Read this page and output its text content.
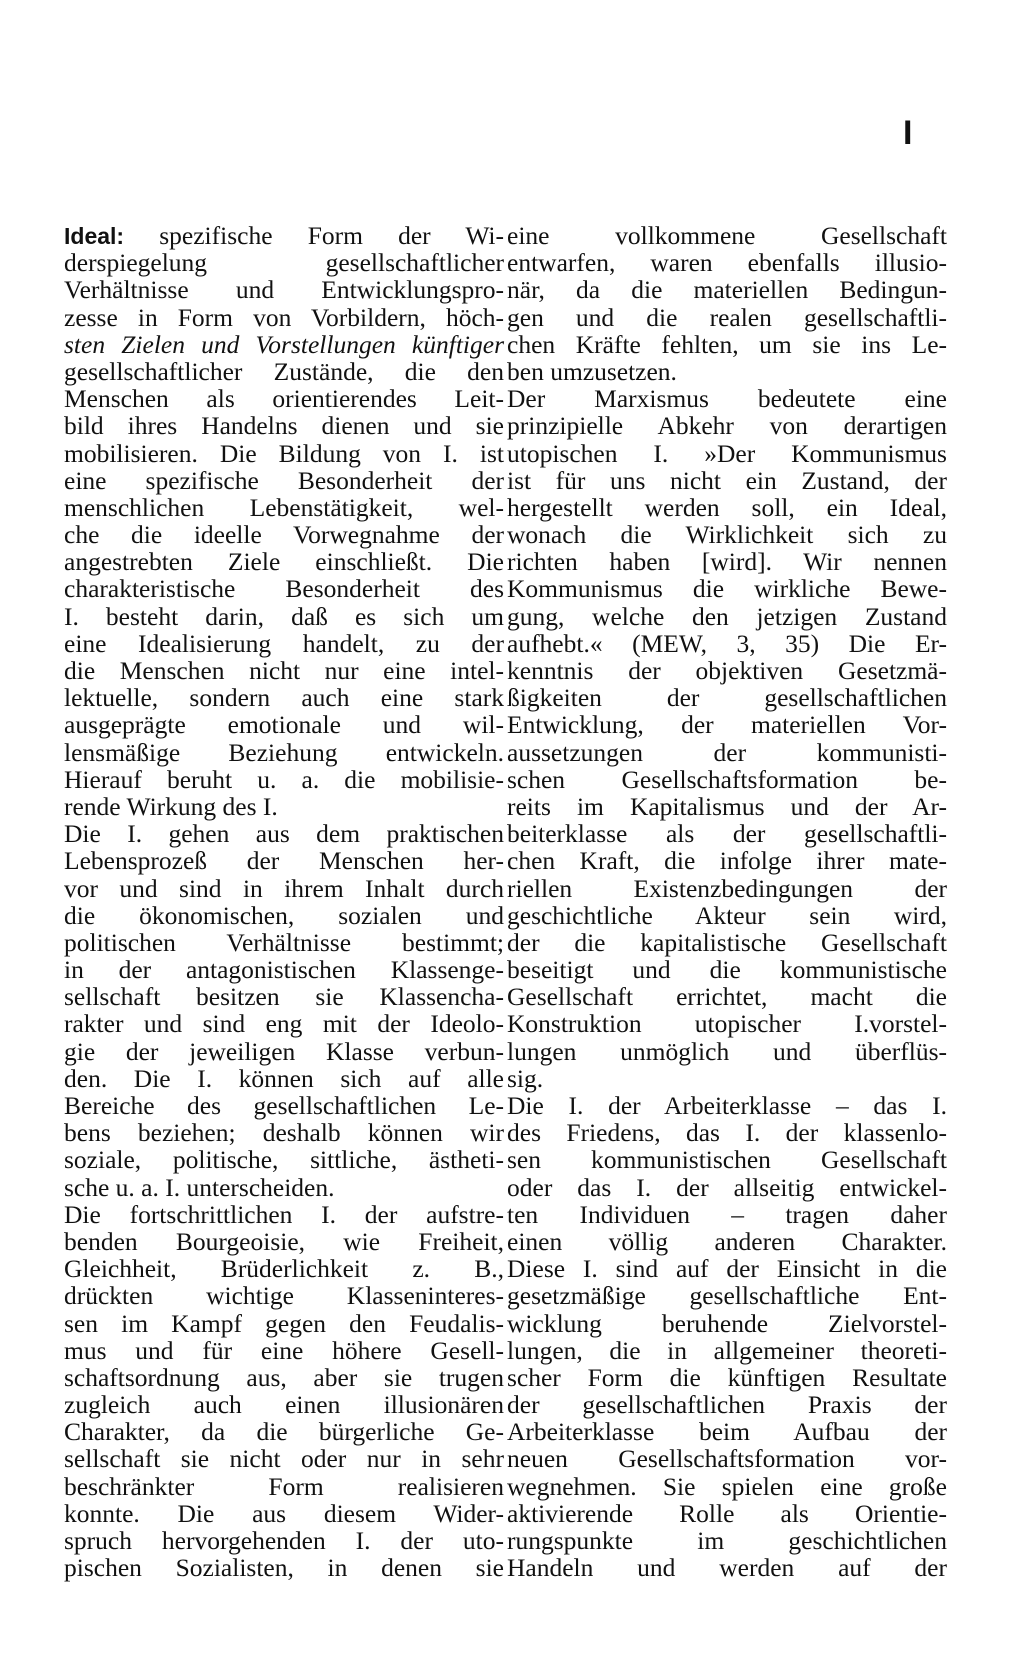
I
Ideal: spezifische Form der Wi-
derspiegelung gesellschaftlicher
Verhältnisse und Entwicklungspro-
zesse in Form von Vorbildern, höch-
sten Zielen und Vorstellungen künftiger
gesellschaftlicher Zustände, die den
Menschen als orientierendes Leit-
bild ihres Handelns dienen und sie
mobilisieren. Die Bildung von I. ist
eine spezifische Besonderheit der
menschlichen Lebenstätigkeit, wel-
che die ideelle Vorwegnahme der
angestrebten Ziele einschließt. Die
charakteristische Besonderheit des
I. besteht darin, daß es sich um
eine Idealisierung handelt, zu der
die Menschen nicht nur eine intel-
lektuelle, sondern auch eine stark
ausgeprägte emotionale und wil-
lensmäßige Beziehung entwickeln.
Hierauf beruht u. a. die mobilisie-
rende Wirkung des I.
Die I. gehen aus dem praktischen
Lebensprozeß der Menschen her-
vor und sind in ihrem Inhalt durch
die ökonomischen, sozialen und
politischen Verhältnisse bestimmt;
in der antagonistischen Klassenge-
sellschaft besitzen sie Klassencha-
rakter und sind eng mit der Ideolo-
gie der jeweiligen Klasse verbun-
den. Die I. können sich auf alle
Bereiche des gesellschaftlichen Le-
bens beziehen; deshalb können wir
soziale, politische, sittliche, ästheti-
sche u. a. I. unterscheiden.
Die fortschrittlichen I. der aufstre-
benden Bourgeoisie, wie Freiheit,
Gleichheit, Brüderlichkeit z. B.,
drückten wichtige Klasseninteres-
sen im Kampf gegen den Feudalis-
mus und für eine höhere Gesell-
schaftsordnung aus, aber sie trugen
zugleich auch einen illusionären
Charakter, da die bürgerliche Ge-
sellschaft sie nicht oder nur in sehr
beschränkter Form realisieren
konnte. Die aus diesem Wider-
spruch hervorgehenden I. der uto-
pischen Sozialisten, in denen sie
eine vollkommene Gesellschaft
entwarfen, waren ebenfalls illusio-
när, da die materiellen Bedingun-
gen und die realen gesellschaftli-
chen Kräfte fehlten, um sie ins Le-
ben umzusetzen.
Der Marxismus bedeutete eine
prinzipielle Abkehr von derartigen
utopischen I. »Der Kommunismus
ist für uns nicht ein Zustand, der
hergestellt werden soll, ein Ideal,
wonach die Wirklichkeit sich zu
richten haben [wird]. Wir nennen
Kommunismus die wirkliche Bewe-
gung, welche den jetzigen Zustand
aufhebt.« (MEW, 3, 35) Die Er-
kenntnis der objektiven Gesetzmä-
ßigkeiten der gesellschaftlichen
Entwicklung, der materiellen Vor-
aussetzungen der kommunisti-
schen Gesellschaftsformation be-
reits im Kapitalismus und der Ar-
beiterklasse als der gesellschaftli-
chen Kraft, die infolge ihrer mate-
riellen Existenzbedingungen der
geschichtliche Akteur sein wird,
der die kapitalistische Gesellschaft
beseitigt und die kommunistische
Gesellschaft errichtet, macht die
Konstruktion utopischer I.vorstel-
lungen unmöglich und überflüs-
sig.
Die I. der Arbeiterklasse – das I.
des Friedens, das I. der klassenlo-
sen kommunistischen Gesellschaft
oder das I. der allseitig entwickel-
ten Individuen – tragen daher
einen völlig anderen Charakter.
Diese I. sind auf der Einsicht in die
gesetzmäßige gesellschaftliche Ent-
wicklung beruhende Zielvorstel-
lungen, die in allgemeiner theoreti-
scher Form die künftigen Resultate
der gesellschaftlichen Praxis der
Arbeiterklasse beim Aufbau der
neuen Gesellschaftsformation vor-
wegnehmen. Sie spielen eine große
aktivierende Rolle als Orientie-
rungspunkte im geschichtlichen
Handeln und werden auf der
